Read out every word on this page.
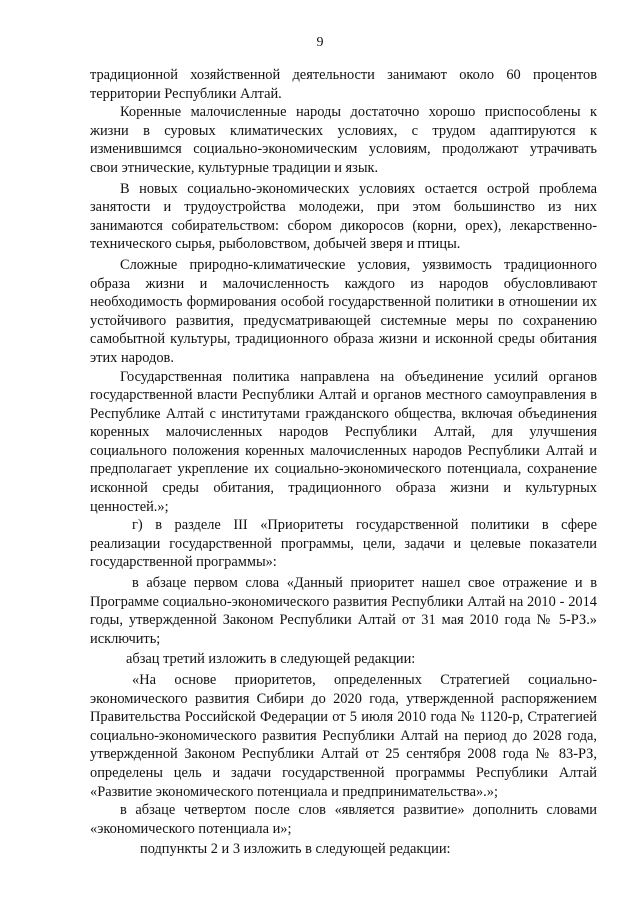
9

традиционной хозяйственной деятельности занимают около 60 процентов территории Республики Алтай.

Коренные малочисленные народы достаточно хорошо приспособлены к жизни в суровых климатических условиях, с трудом адаптируются к изменившимся социально-экономическим условиям, продолжают утрачивать свои этнические, культурные традиции и язык.

В новых социально-экономических условиях остается острой проблема занятости и трудоустройства молодежи, при этом большинство из них занимаются собирательством: сбором дикоросов (корни, орех), лекарственно-технического сырья, рыболовством, добычей зверя и птицы.

Сложные природно-климатические условия, уязвимость традиционного образа жизни и малочисленность каждого из народов обусловливают необходимость формирования особой государственной политики в отношении их устойчивого развития, предусматривающей системные меры по сохранению самобытной культуры, традиционного образа жизни и исконной среды обитания этих народов.

Государственная политика направлена на объединение усилий органов государственной власти Республики Алтай и органов местного самоуправления в Республике Алтай с институтами гражданского общества, включая объединения коренных малочисленных народов Республики Алтай, для улучшения социального положения коренных малочисленных народов Республики Алтай и предполагает укрепление их социально-экономического потенциала, сохранение исконной среды обитания, традиционного образа жизни и культурных ценностей.»;

г) в разделе III «Приоритеты государственной политики в сфере реализации государственной программы, цели, задачи и целевые показатели государственной программы»:

в абзаце первом слова «Данный приоритет нашел свое отражение и в Программе социально-экономического развития Республики Алтай на 2010 - 2014 годы, утвержденной Законом Республики Алтай от 31 мая 2010 года № 5-РЗ.» исключить;

абзац третий изложить в следующей редакции:

«На основе приоритетов, определенных Стратегией социально-экономического развития Сибири до 2020 года, утвержденной распоряжением Правительства Российской Федерации от 5 июля 2010 года № 1120-р, Стратегией социально-экономического развития Республики Алтай на период до 2028 года, утвержденной Законом Республики Алтай от 25 сентября 2008 года № 83-РЗ, определены цель и задачи государственной программы Республики Алтай «Развитие экономического потенциала и предпринимательства».»;

в абзаце четвертом после слов «является развитие» дополнить словами «экономического потенциала и»;

подпункты 2 и 3 изложить в следующей редакции:
